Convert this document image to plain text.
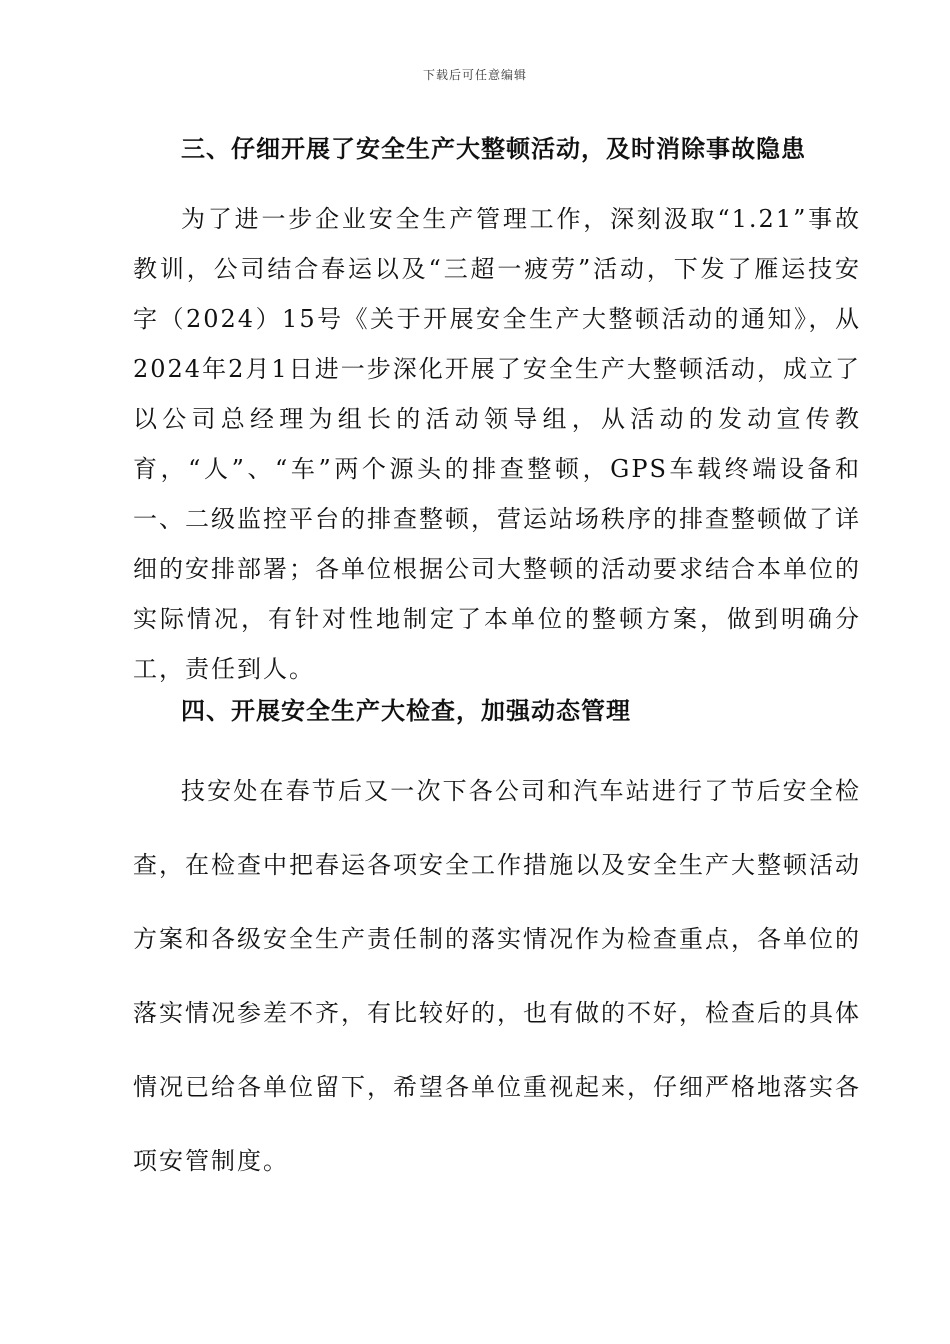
下载后可任意编辑
三、仔细开展了安全生产大整顿活动，及时消除事故隐患

为了进一步企业安全生产管理工作，深刻汲取“1.21”事故教训，公司结合春运以及“三超一疲劳”活动，下发了雁运技安字（2024）15号《关于开展安全生产大整顿活动的通知》，从2024年2月1日进一步深化开展了安全生产大整顿活动，成立了以公司总经理为组长的活动领导组，从活动的发动宣传教育，“人”、“车”两个源头的排查整顿，GPS车载终端设备和一、二级监控平台的排查整顿，营运站场秩序的排查整顿做了详细的安排部署；各单位根据公司大整顿的活动要求结合本单位的实际情况，有针对性地制定了本单位的整顿方案，做到明确分工，责任到人。

四、开展安全生产大检查，加强动态管理

技安处在春节后又一次下各公司和汽车站进行了节后安全检查，在检查中把春运各项安全工作措施以及安全生产大整顿活动方案和各级安全生产责任制的落实情况作为检查重点，各单位的落实情况参差不齐，有比较好的，也有做的不好，检查后的具体情况已给各单位留下，希望各单位重视起来，仔细严格地落实各项安管制度。
